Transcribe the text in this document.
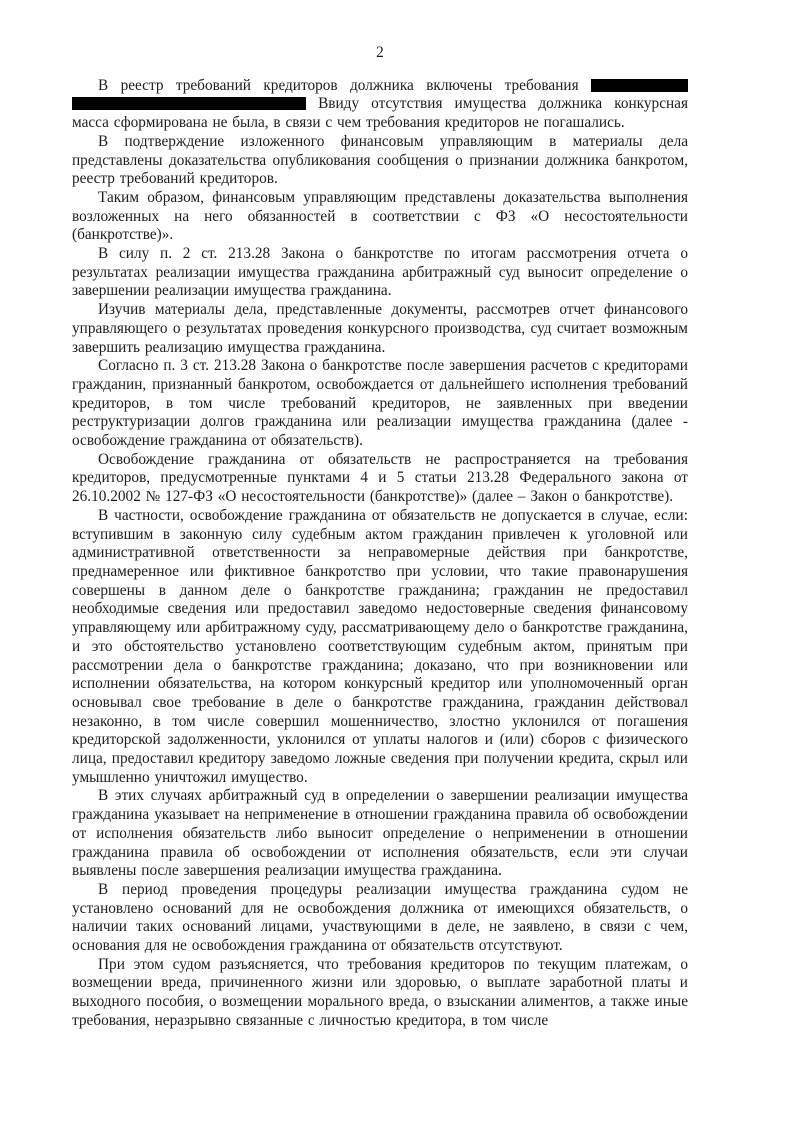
2

В реестр требований кредиторов должника включены требования   Ввиду отсутствия имущества должника конкурсная масса сформирована не была, в связи с чем требования кредиторов не погашались.

В подтверждение изложенного финансовым управляющим в материалы дела представлены доказательства опубликования сообщения о признании должника банкротом, реестр требований кредиторов.

Таким образом, финансовым управляющим представлены доказательства выполнения возложенных на него обязанностей в соответствии с ФЗ «О несостоятельности (банкротстве)».

В силу п. 2 ст. 213.28 Закона о банкротстве по итогам рассмотрения отчета о результатах реализации имущества гражданина арбитражный суд выносит определение о завершении реализации имущества гражданина.

Изучив материалы дела, представленные документы, рассмотрев отчет финансового управляющего о результатах проведения конкурсного производства, суд считает возможным завершить реализацию имущества гражданина.

Согласно п. 3 ст. 213.28 Закона о банкротстве после завершения расчетов с кредиторами гражданин, признанный банкротом, освобождается от дальнейшего исполнения требований кредиторов, в том числе требований кредиторов, не заявленных при введении реструктуризации долгов гражданина или реализации имущества гражданина (далее - освобождение гражданина от обязательств).

Освобождение гражданина от обязательств не распространяется на требования кредиторов, предусмотренные пунктами 4 и 5 статьи 213.28 Федерального закона от 26.10.2002 № 127-ФЗ «О несостоятельности (банкротстве)» (далее – Закон о банкротстве).

В частности, освобождение гражданина от обязательств не допускается в случае, если: вступившим в законную силу судебным актом гражданин привлечен к уголовной или административной ответственности за неправомерные действия при банкротстве, преднамеренное или фиктивное банкротство при условии, что такие правонарушения совершены в данном деле о банкротстве гражданина; гражданин не предоставил необходимые сведения или предоставил заведомо недостоверные сведения финансовому управляющему или арбитражному суду, рассматривающему дело о банкротстве гражданина, и это обстоятельство установлено соответствующим судебным актом, принятым при рассмотрении дела о банкротстве гражданина; доказано, что при возникновении или исполнении обязательства, на котором конкурсный кредитор или уполномоченный орган основывал свое требование в деле о банкротстве гражданина, гражданин действовал незаконно, в том числе совершил мошенничество, злостно уклонился от погашения кредиторской задолженности, уклонился от уплаты налогов и (или) сборов с физического лица, предоставил кредитору заведомо ложные сведения при получении кредита, скрыл или умышленно уничтожил имущество.

В этих случаях арбитражный суд в определении о завершении реализации имущества гражданина указывает на неприменение в отношении гражданина правила об освобождении от исполнения обязательств либо выносит определение о неприменении в отношении гражданина правила об освобождении от исполнения обязательств, если эти случаи выявлены после завершения реализации имущества гражданина.

В период проведения процедуры реализации имущества гражданина судом не установлено оснований для не освобождения должника от имеющихся обязательств, о наличии таких оснований лицами, участвующими в деле, не заявлено, в связи с чем, основания для не освобождения гражданина от обязательств отсутствуют.

При этом судом разъясняется, что требования кредиторов по текущим платежам, о возмещении вреда, причиненного жизни или здоровью, о выплате заработной платы и выходного пособия, о возмещении морального вреда, о взыскании алиментов, а также иные требования, неразрывно связанные с личностью кредитора, в том числе
